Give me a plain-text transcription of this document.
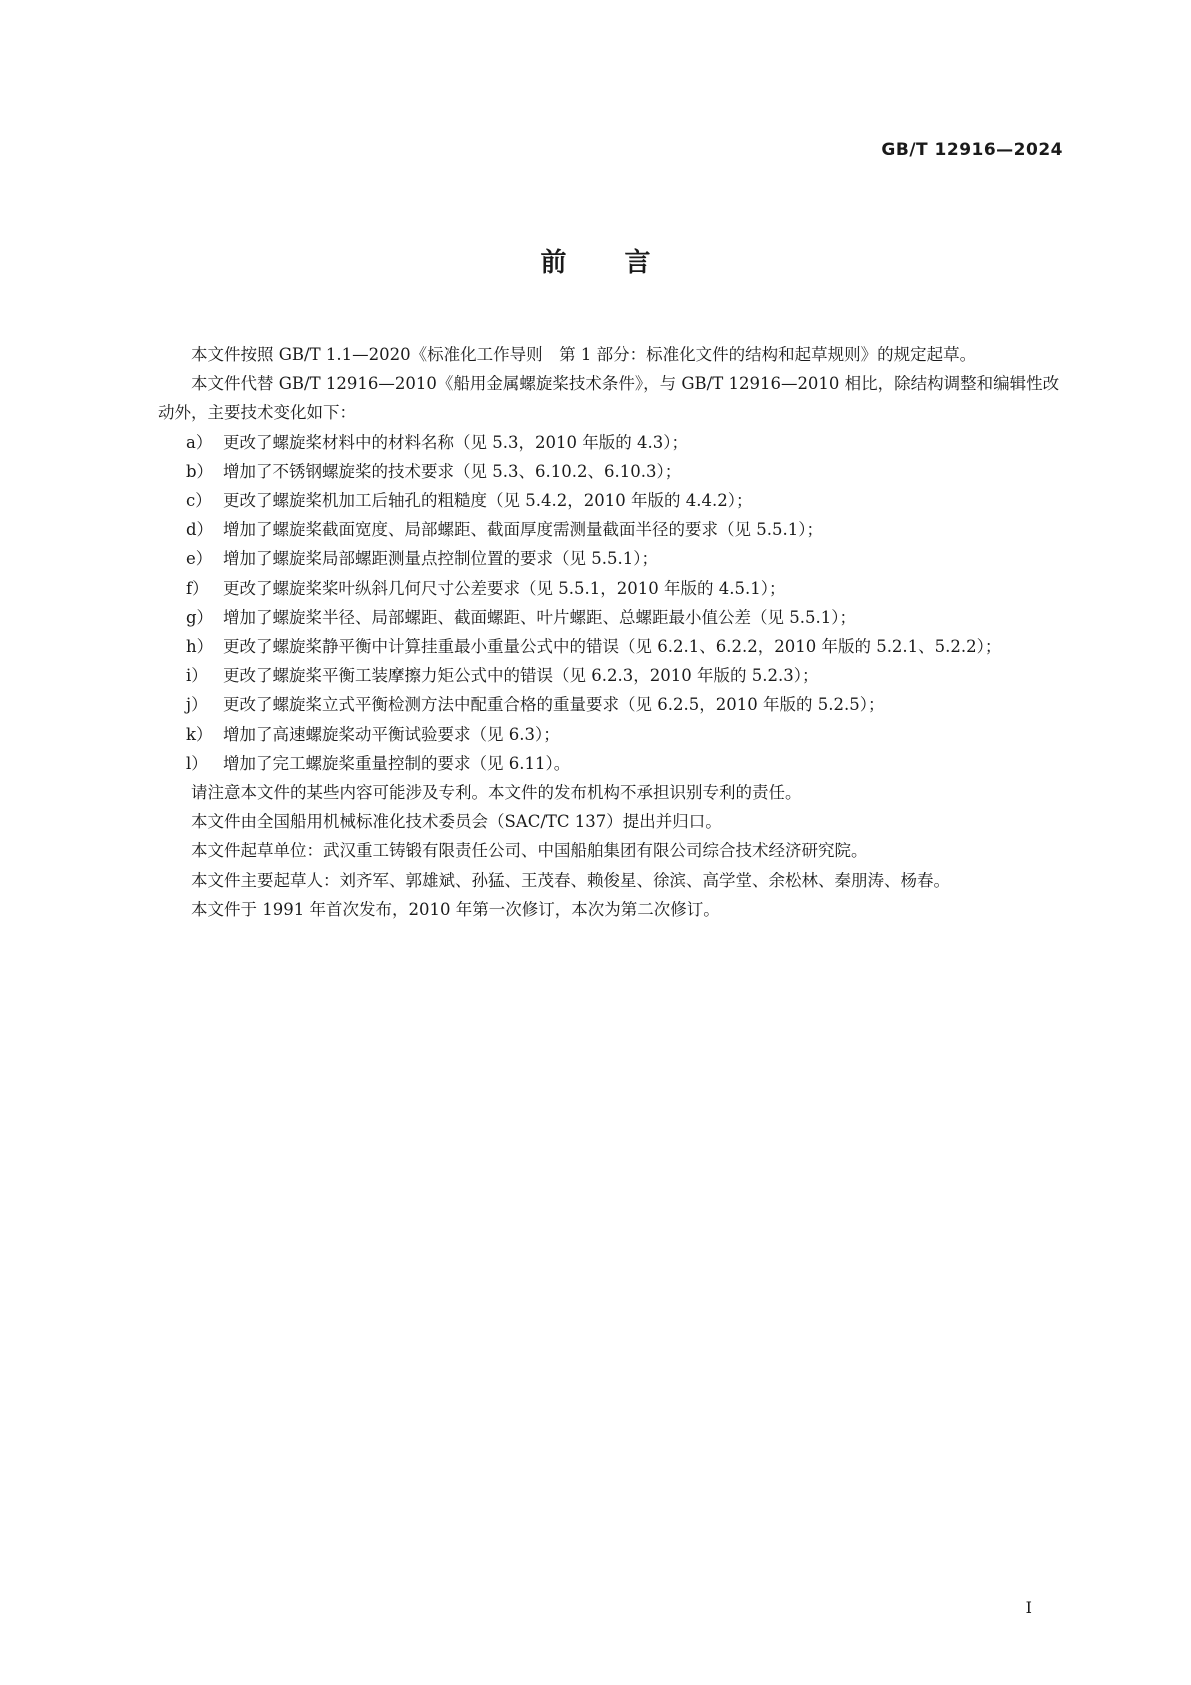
GB/T 12916—2024
前言

本文件按照 GB/T 1.1—2020《标准化工作导则　第 1 部分：标准化文件的结构和起草规则》的规定起草。

本文件代替 GB/T 12916—2010《船用金属螺旋桨技术条件》，与 GB/T 12916—2010 相比，除结构调整和编辑性改动外，主要技术变化如下：

a） 更改了螺旋桨材料中的材料名称（见 5.3，2010 年版的 4.3）；
b） 增加了不锈钢螺旋桨的技术要求（见 5.3、6.10.2、6.10.3）；
c） 更改了螺旋桨机加工后轴孔的粗糙度（见 5.4.2，2010 年版的 4.4.2）；
d） 增加了螺旋桨截面宽度、局部螺距、截面厚度需测量截面半径的要求（见 5.5.1）；
e） 增加了螺旋桨局部螺距测量点控制位置的要求（见 5.5.1）；
f） 更改了螺旋桨桨叶纵斜几何尺寸公差要求（见 5.5.1，2010 年版的 4.5.1）；
g） 增加了螺旋桨半径、局部螺距、截面螺距、叶片螺距、总螺距最小值公差（见 5.5.1）；
h） 更改了螺旋桨静平衡中计算挂重最小重量公式中的错误（见 6.2.1、6.2.2，2010 年版的 5.2.1、5.2.2）；
i） 更改了螺旋桨平衡工装摩擦力矩公式中的错误（见 6.2.3，2010 年版的 5.2.3）；
j） 更改了螺旋桨立式平衡检测方法中配重合格的重量要求（见 6.2.5，2010 年版的 5.2.5）；
k） 增加了高速螺旋桨动平衡试验要求（见 6.3）；
l） 增加了完工螺旋桨重量控制的要求（见 6.11）。

请注意本文件的某些内容可能涉及专利。本文件的发布机构不承担识别专利的责任。

本文件由全国船用机械标准化技术委员会（SAC/TC 137）提出并归口。

本文件起草单位：武汉重工铸锻有限责任公司、中国船舶集团有限公司综合技术经济研究院。

本文件主要起草人：刘齐军、郭雄斌、孙猛、王茂春、赖俊星、徐滨、高学堂、余松林、秦朋涛、杨春。

本文件于 1991 年首次发布，2010 年第一次修订，本次为第二次修订。

Ⅰ
